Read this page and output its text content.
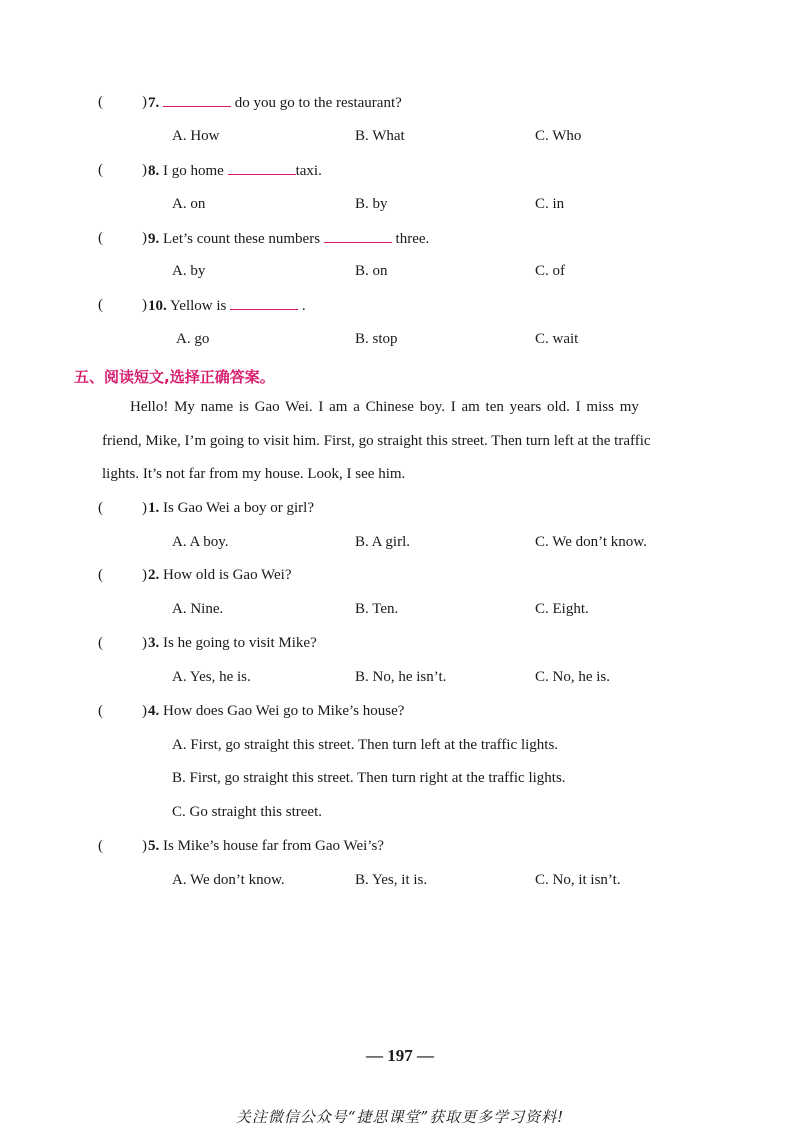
(	) 7.	do you go to the restaurant?
A. How	B. What	C. Who
(	) 8. I go home	taxi.
A. on	B. by	C. in
(	) 9. Let’s count these numbers	three.
A. by	B. on	C. of
(	) 10. Yellow is	.
A. go	B. stop	C. wait
五、阅读短文,选择正确答案。
Hello! My name is Gao Wei. I am a Chinese boy. I am ten years old. I miss my
friend, Mike, I’m going to visit him. First, go straight this street. Then turn left at the traffic
lights. It’s not far from my house. Look, I see him.
(	) 1. Is Gao Wei a boy or girl?
A. A boy.	B. A girl.	C. We don’t know.
(	) 2. How old is Gao Wei?
A. Nine.	B. Ten.	C. Eight.
(	) 3. Is he going to visit Mike?
A. Yes, he is.	B. No, he isn’t.	C. No, he is.
(	) 4. How does Gao Wei go to Mike’s house?
A. First, go straight this street. Then turn left at the traffic lights.
B. First, go straight this street. Then turn right at the traffic lights.
C. Go straight this street.
(	) 5. Is Mike’s house far from Gao Wei’s?
A. We don’t know.	B. Yes, it is.	C. No, it isn’t.
— 197 —
关注微信公众号“捷思课堂”获取更多学习资料!
